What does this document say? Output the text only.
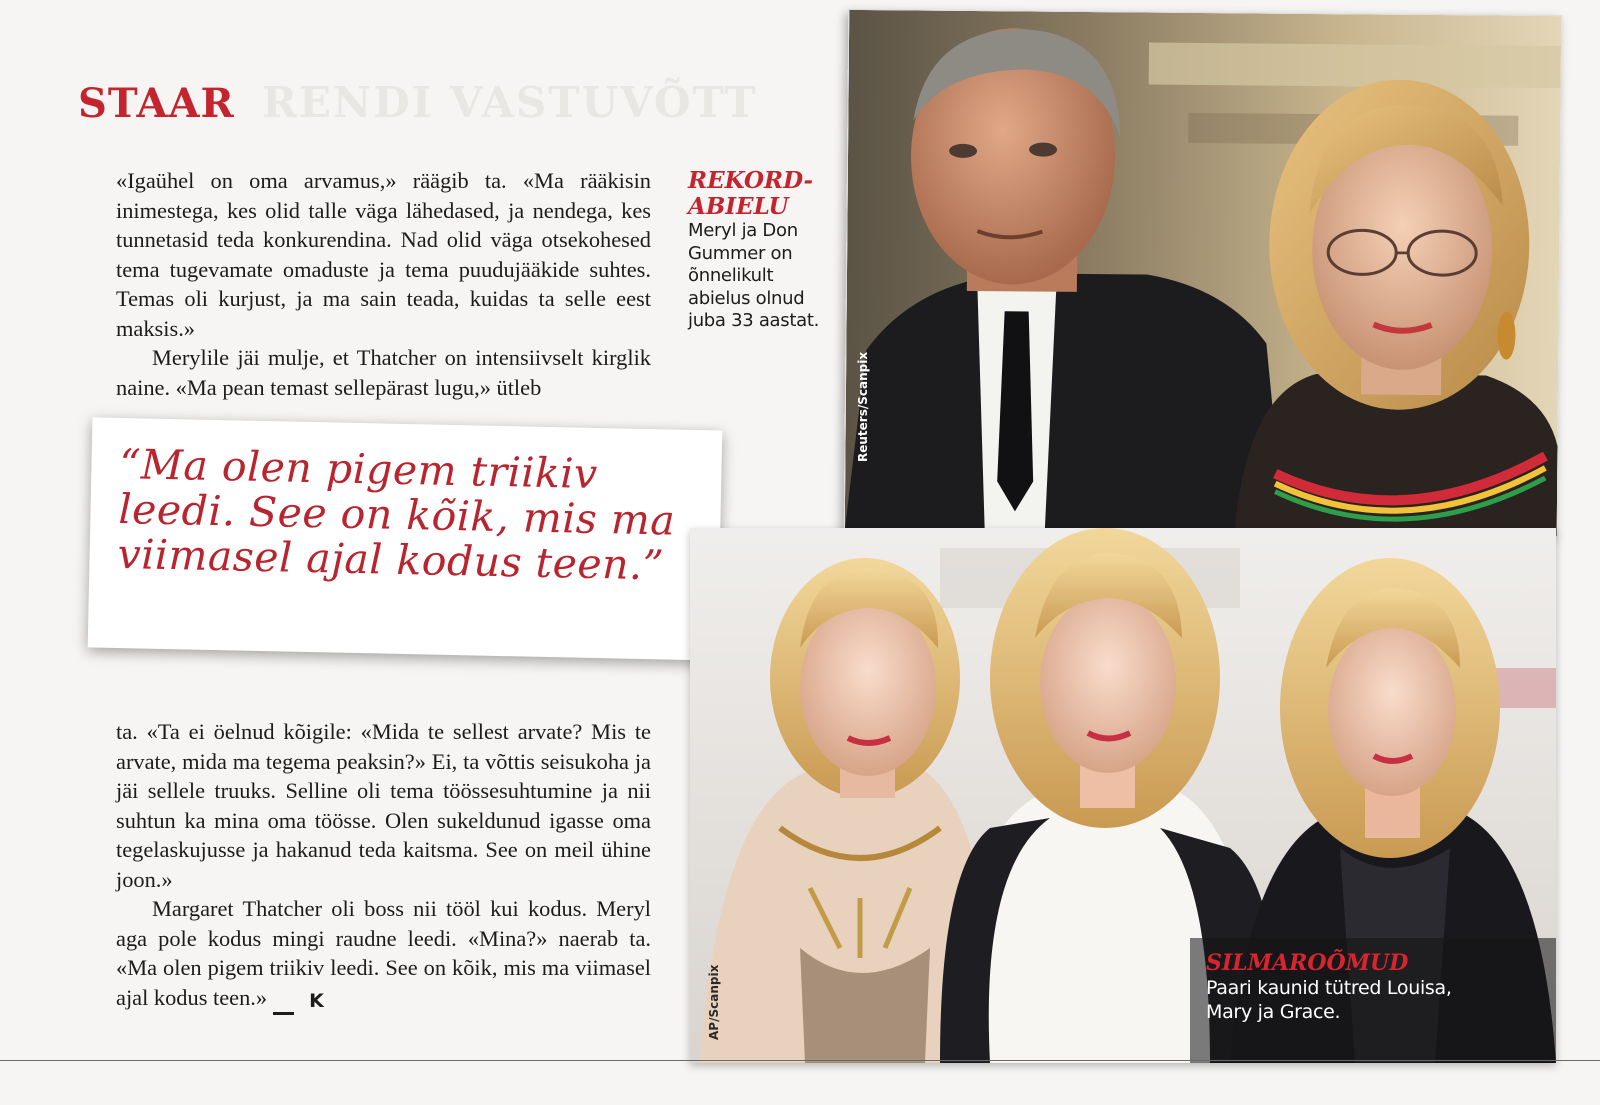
RENDI VASTUVÕTT
STAAR

«Igaühel on oma arvamus,» räägib ta. «Ma rääkisin inimestega, kes olid talle väga lähedased, ja nendega, kes tunnetasid teda konkurendina. Nad olid väga otsekohesed tema tugevamate omaduste ja tema puudujääkide suhtes. Temas oli kurjust, ja ma sain teada, kuidas ta selle eest maksis.»

Merylile jäi mulje, et Thatcher on intensiivselt kirglik naine. «Ma pean temast sellepärast lugu,» ütleb

REKORD-ABIELU
Meryl ja Don Gummer on õnnelikult abielus olnud juba 33 aastat.
Reuters/Scanpix

“Ma olen pigem triikiv leedi. See on kõik, mis ma viimasel ajal kodus teen.”

AP/Scanpix
SILMAROÕMUD
Paari kaunid tütred Louisa, Mary ja Grace.

ta. «Ta ei öelnud kõigile: «Mida te sellest arvate? Mis te arvate, mida ma tegema peaksin?» Ei, ta võttis seisukoha ja jäi sellele truuks. Selline oli tema töössesuhtumine ja nii suhtun ka mina oma töösse. Olen sukeldunud igasse oma tegelaskujusse ja hakanud teda kaitsma. See on meil ühine joon.»

Margaret Thatcher oli boss nii tööl kui kodus. Meryl aga pole kodus mingi raudne leedi. «Mina?» naerab ta. «Ma olen pigem triikiv leedi. See on kõik, mis ma viimasel ajal kodus teen.» K
